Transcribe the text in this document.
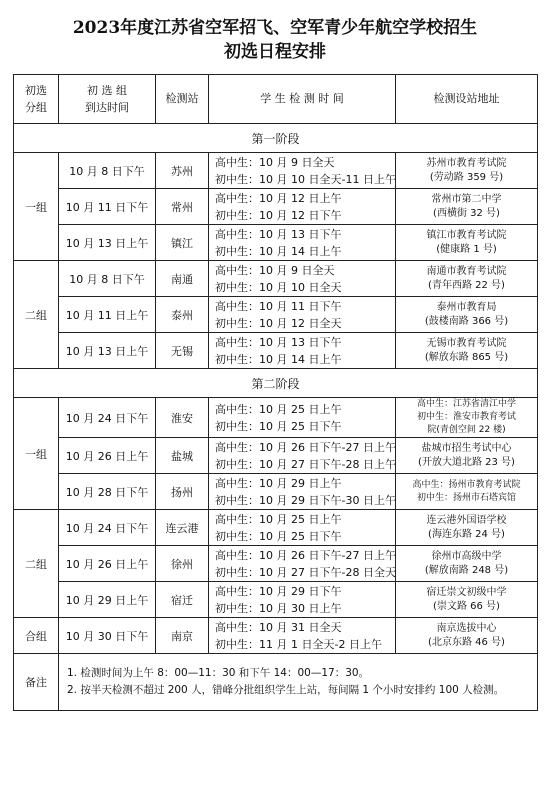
2023年度江苏省空军招飞、空军青少年航空学校招生
初选日程安排
初选
分组	初 选 组
到达时间	检测站	学 生 检 测 时 间	检测设站地址
第一阶段				
一组	10 月 8 日下午	苏州	高中生：10 月 9 日全天
初中生：10 月 10 日全天-11 日上午	苏州市教育考试院
(劳动路 359 号)

	10 月 11 日下午	常州	高中生：10 月 12 日上午
初中生：10 月 12 日下午	常州市第二中学
(西横街 32 号)

	10 月 13 日上午	镇江	高中生：10 月 13 日下午
初中生：10 月 14 日上午	镇江市教育考试院
(健康路 1 号)

二组	10 月 8 日下午	南通	高中生：10 月 9 日全天
初中生：10 月 10 日全天	南通市教育考试院
(青年西路 22 号)

	10 月 11 日上午	泰州	高中生：10 月 11 日下午
初中生：10 月 12 日全天	泰州市教育局
(鼓楼南路 366 号)

	10 月 13 日上午	无锡	高中生：10 月 13 日下午
初中生：10 月 14 日上午	无锡市教育考试院
(解放东路 865 号)

第二阶段				
一组	10 月 24 日下午	淮安	高中生：10 月 25 日上午
初中生：10 月 25 日下午	高中生：江苏省清江中学
初中生：淮安市教育考试
院(青创空间 22 楼)

	10 月 26 日上午	盐城	高中生：10 月 26 日下午-27 日上午
初中生：10 月 27 日下午-28 日上午	盐城市招生考试中心
(开放大道北路 23 号)

	10 月 28 日下午	扬州	高中生：10 月 29 日上午
初中生：10 月 29 日下午-30 日上午	高中生：扬州市教育考试院
初中生：扬州市石塔宾馆

二组	10 月 24 日下午	连云港	高中生：10 月 25 日上午
初中生：10 月 25 日下午	连云港外国语学校
(海连东路 24 号)

	10 月 26 日上午	徐州	高中生：10 月 26 日下午-27 日上午
初中生：10 月 27 日下午-28 日全天	徐州市高级中学
(解放南路 248 号)

	10 月 29 日上午	宿迁	高中生：10 月 29 日下午
初中生：10 月 30 日上午	宿迁崇文初级中学
(崇文路 66 号)

合组	10 月 30 日下午	南京	高中生：10 月 31 日全天
初中生：11 月 1 日全天-2 日上午	南京选拔中心
(北京东路 46 号)

备注	1. 检测时间为上午 8：00—11：30 和下午 14：00—17：30。
2. 按半天检测不超过 200 人，错峰分批组织学生上站，每间隔 1 个小时安排约 100 人检测。			
